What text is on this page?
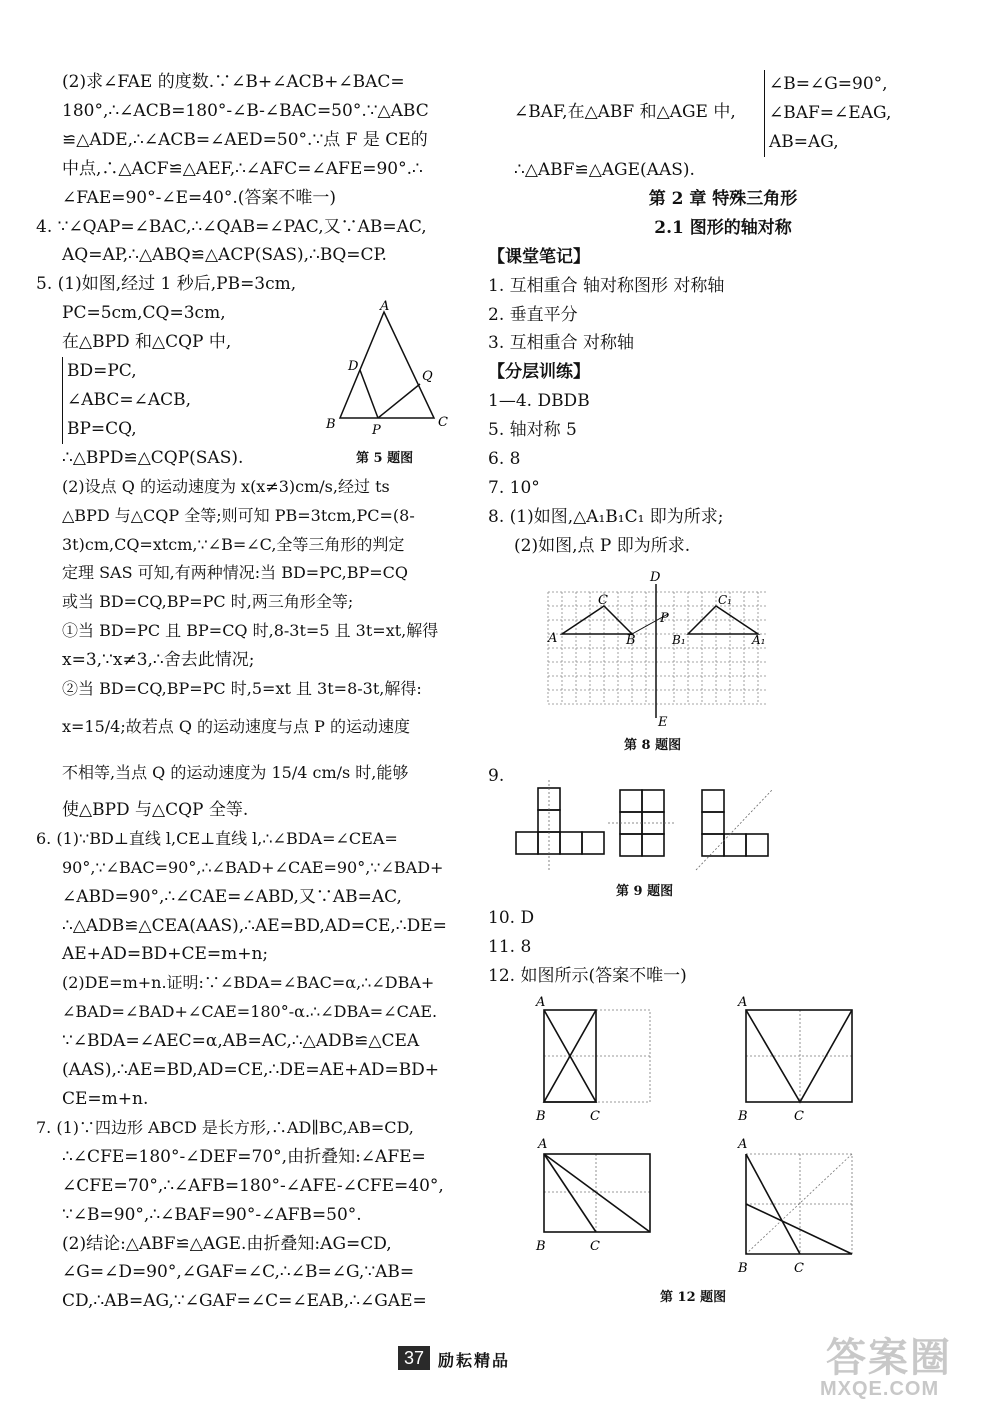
(2)求∠FAE 的度数.∵∠B+∠ACB+∠BAC=
180°,∴∠ACB=180°-∠B-∠BAC=50°.∵△ABC
≌△ADE,∴∠ACB=∠AED=50°.∵点 F 是 CE的
中点,∴△ACF≌△AEF,∴∠AFC=∠AFE=90°.∴
∠FAE=90°-∠E=40°.(答案不唯一)
4. ∵∠QAP=∠BAC,∴∠QAB=∠PAC,又∵AB=AC,
AQ=AP,∴△ABQ≌△ACP(SAS),∴BQ=CP.
5. (1)如图,经过 1 秒后,PB=3cm,
PC=5cm,CQ=3cm,
在△BPD 和△CQP 中,
BD=PC,
∠ABC=∠ACB,
BP=CQ,
∴△BPD≌△CQP(SAS).
(2)设点 Q 的运动速度为 x(x≠3)cm/s,经过 ts
△BPD 与△CQP 全等;则可知 PB=3tcm,PC=(8-
3t)cm,CQ=xtcm,∵∠B=∠C,全等三角形的判定
定理 SAS 可知,有两种情况:当 BD=PC,BP=CQ
或当 BD=CQ,BP=PC 时,两三角形全等;
①当 BD=PC 且 BP=CQ 时,8-3t=5 且 3t=xt,解得
x=3,∵x≠3,∴舍去此情况;
②当 BD=CQ,BP=PC 时,5=xt 且 3t=8-3t,解得:
x=15/4;故若点 Q 的运动速度与点 P 的运动速度
不相等,当点 Q 的运动速度为 15/4 cm/s 时,能够
使△BPD 与△CQP 全等.
6. (1)∵BD⊥直线 l,CE⊥直线 l,∴∠BDA=∠CEA=
90°,∵∠BAC=90°,∴∠BAD+∠CAE=90°,∵∠BAD+
∠ABD=90°,∴∠CAE=∠ABD,又∵AB=AC,
∴△ADB≌△CEA(AAS),∴AE=BD,AD=CE,∴DE=
AE+AD=BD+CE=m+n;
(2)DE=m+n.证明:∵∠BDA=∠BAC=α,∴∠DBA+
∠BAD=∠BAD+∠CAE=180°-α.∴∠DBA=∠CAE.
∵∠BDA=∠AEC=α,AB=AC,∴△ADB≌△CEA
(AAS),∴AE=BD,AD=CE,∴DE=AE+AD=BD+
CE=m+n.
7. (1)∵四边形 ABCD 是长方形,∴AD∥BC,AB=CD,
∴∠CFE=180°-∠DEF=70°,由折叠知:∠AFE=
∠CFE=70°,∴∠AFB=180°-∠AFE-∠CFE=40°,
∵∠B=90°,∴∠BAF=90°-∠AFB=50°.
(2)结论:△ABF≌△AGE.由折叠知:AG=CD,
∠G=∠D=90°,∠GAF=∠C,∴∠B=∠G,∵AB=
CD,∴AB=AG,∵∠GAF=∠C=∠EAB,∴∠GAE=
A
B	C
D
Q
P
第 5 题图
∠BAF,在△ABF 和△AGE 中,
∠B=∠G=90°,
∠BAF=∠EAG,
AB=AG,
∴△ABF≌△AGE(AAS).
第 2 章 特殊三角形
2.1 图形的轴对称
【课堂笔记】
1. 互相重合 轴对称图形 对称轴
2. 垂直平分
3. 互相重合 对称轴
【分层训练】
1—4. DBDB
5. 轴对称 5
6. 8
7. 10°
8. (1)如图,△A₁B₁C₁ 即为所求;
(2)如图,点 P 即为所求.
D
E
A	B
C
P
A₁
B₁
C₁
第 8 题图
9.
第 9 题图
10. D
11. 8
12. 如图所示(答案不唯一)
A
B	C
A
B	C
A
B	C
A
B	C
第 12 题图
37 励耘精品	答案圈
MXQE.COM
